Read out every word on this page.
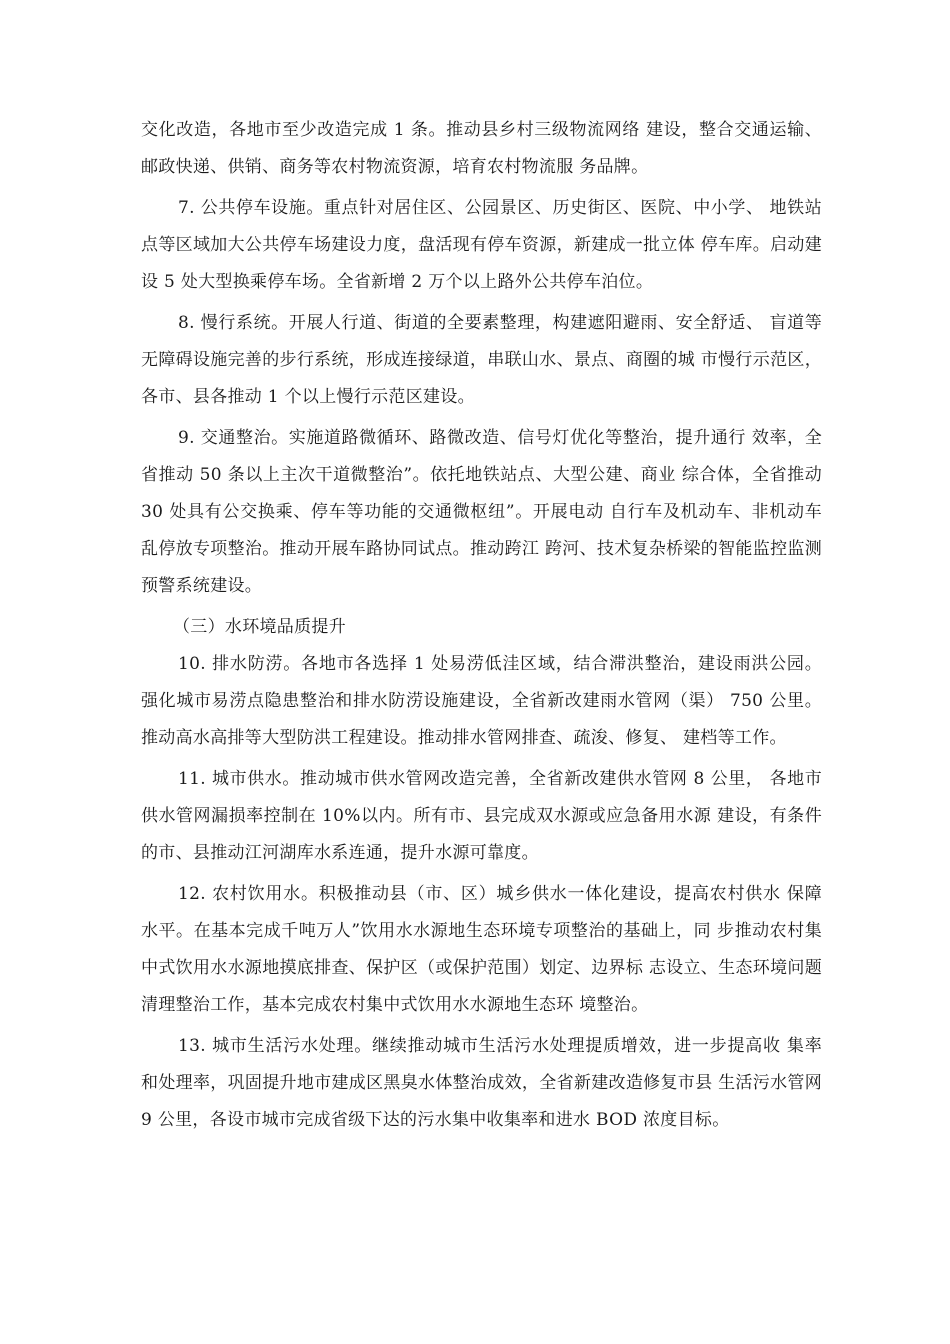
交化改造，各地市至少改造完成 1 条。推动县乡村三级物流网络 建设，整合交通运输、邮政快递、供销、商务等农村物流资源，培育农村物流服 务品牌。

7. 公共停车设施。重点针对居住区、公园景区、历史街区、医院、中小学、 地铁站点等区域加大公共停车场建设力度，盘活现有停车资源，新建成一批立体 停车库。启动建设 5 处大型换乘停车场。全省新增 2 万个以上路外公共停车泊位。

8. 慢行系统。开展人行道、街道的全要素整理，构建遮阳避雨、安全舒适、 盲道等无障碍设施完善的步行系统，形成连接绿道，串联山水、景点、商圈的城 市慢行示范区，各市、县各推动 1 个以上慢行示范区建设。

9. 交通整治。实施道路微循环、路微改造、信号灯优化等整治，提升通行 效率，全省推动 50 条以上主次干道微整治”。依托地铁站点、大型公建、商业 综合体，全省推动 30 处具有公交换乘、停车等功能的交通微枢纽”。开展电动 自行车及机动车、非机动车乱停放专项整治。推动开展车路协同试点。推动跨江 跨河、技术复杂桥梁的智能监控监测预警系统建设。

（三）水环境品质提升

10. 排水防涝。各地市各选择 1 处易涝低洼区域，结合滞洪整治，建设雨洪公园。强化城市易涝点隐患整治和排水防涝设施建设，全省新改建雨水管网（渠） 750 公里。推动高水高排等大型防洪工程建设。推动排水管网排查、疏浚、修复、 建档等工作。

11. 城市供水。推动城市供水管网改造完善，全省新改建供水管网 8 公里， 各地市供水管网漏损率控制在 10%以内。所有市、县完成双水源或应急备用水源 建设，有条件的市、县推动江河湖库水系连通，提升水源可靠度。

12. 农村饮用水。积极推动县（市、区）城乡供水一体化建设，提高农村供水 保障水平。在基本完成千吨万人”饮用水水源地生态环境专项整治的基础上，同 步推动农村集中式饮用水水源地摸底排查、保护区（或保护范围）划定、边界标 志设立、生态环境问题清理整治工作，基本完成农村集中式饮用水水源地生态环 境整治。

13. 城市生活污水处理。继续推动城市生活污水处理提质增效，进一步提高收 集率和处理率，巩固提升地市建成区黑臭水体整治成效，全省新建改造修复市县 生活污水管网 9 公里，各设市城市完成省级下达的污水集中收集率和进水 BOD 浓度目标。
